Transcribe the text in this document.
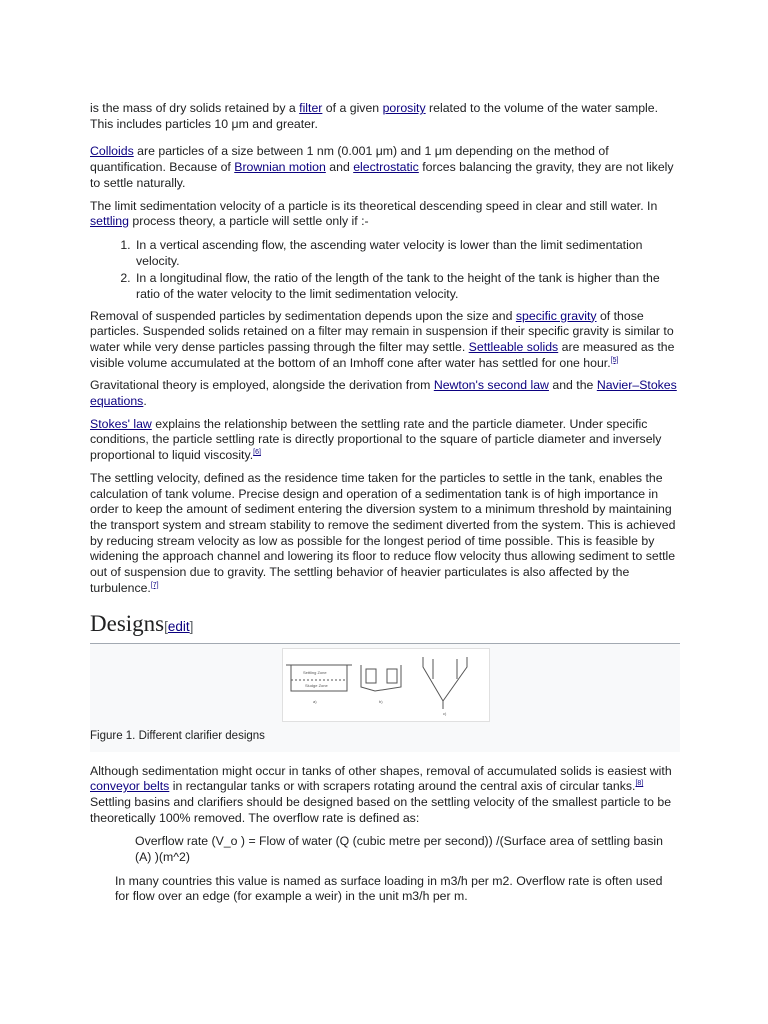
is the mass of dry solids retained by a filter of a given porosity related to the volume of the water sample. This includes particles 10 μm and greater.

Colloids are particles of a size between 1 nm (0.001 μm) and 1 μm depending on the method of quantification. Because of Brownian motion and electrostatic forces balancing the gravity, they are not likely to settle naturally.

The limit sedimentation velocity of a particle is its theoretical descending speed in clear and still water. In settling process theory, a particle will settle only if :-

1. In a vertical ascending flow, the ascending water velocity is lower than the limit sedimentation velocity.
2. In a longitudinal flow, the ratio of the length of the tank to the height of the tank is higher than the ratio of the water velocity to the limit sedimentation velocity.

Removal of suspended particles by sedimentation depends upon the size and specific gravity of those particles. Suspended solids retained on a filter may remain in suspension if their specific gravity is similar to water while very dense particles passing through the filter may settle. Settleable solids are measured as the visible volume accumulated at the bottom of an Imhoff cone after water has settled for one hour.[5]

Gravitational theory is employed, alongside the derivation from Newton's second law and the Navier–Stokes equations.

Stokes' law explains the relationship between the settling rate and the particle diameter. Under specific conditions, the particle settling rate is directly proportional to the square of particle diameter and inversely proportional to liquid viscosity.[6]

The settling velocity, defined as the residence time taken for the particles to settle in the tank, enables the calculation of tank volume. Precise design and operation of a sedimentation tank is of high importance in order to keep the amount of sediment entering the diversion system to a minimum threshold by maintaining the transport system and stream stability to remove the sediment diverted from the system. This is achieved by reducing stream velocity as low as possible for the longest period of time possible. This is feasible by widening the approach channel and lowering its floor to reduce flow velocity thus allowing sediment to settle out of suspension due to gravity. The settling behavior of heavier particulates is also affected by the turbulence.[7]

Designs[edit]
Settling Zone
Sludge Zone
a)	b)
c)
Figure 1. Different clarifier designs

Although sedimentation might occur in tanks of other shapes, removal of accumulated solids is easiest with conveyor belts in rectangular tanks or with scrapers rotating around the central axis of circular tanks.[8] Settling basins and clarifiers should be designed based on the settling velocity of the smallest particle to be theoretically 100% removed. The overflow rate is defined as:

Overflow rate (V_o ) = Flow of water (Q (cubic metre per second)) /(Surface area of settling basin (A) )(m^2)

In many countries this value is named as surface loading in m3/h per m2. Overflow rate is often used for flow over an edge (for example a weir) in the unit m3/h per m.
